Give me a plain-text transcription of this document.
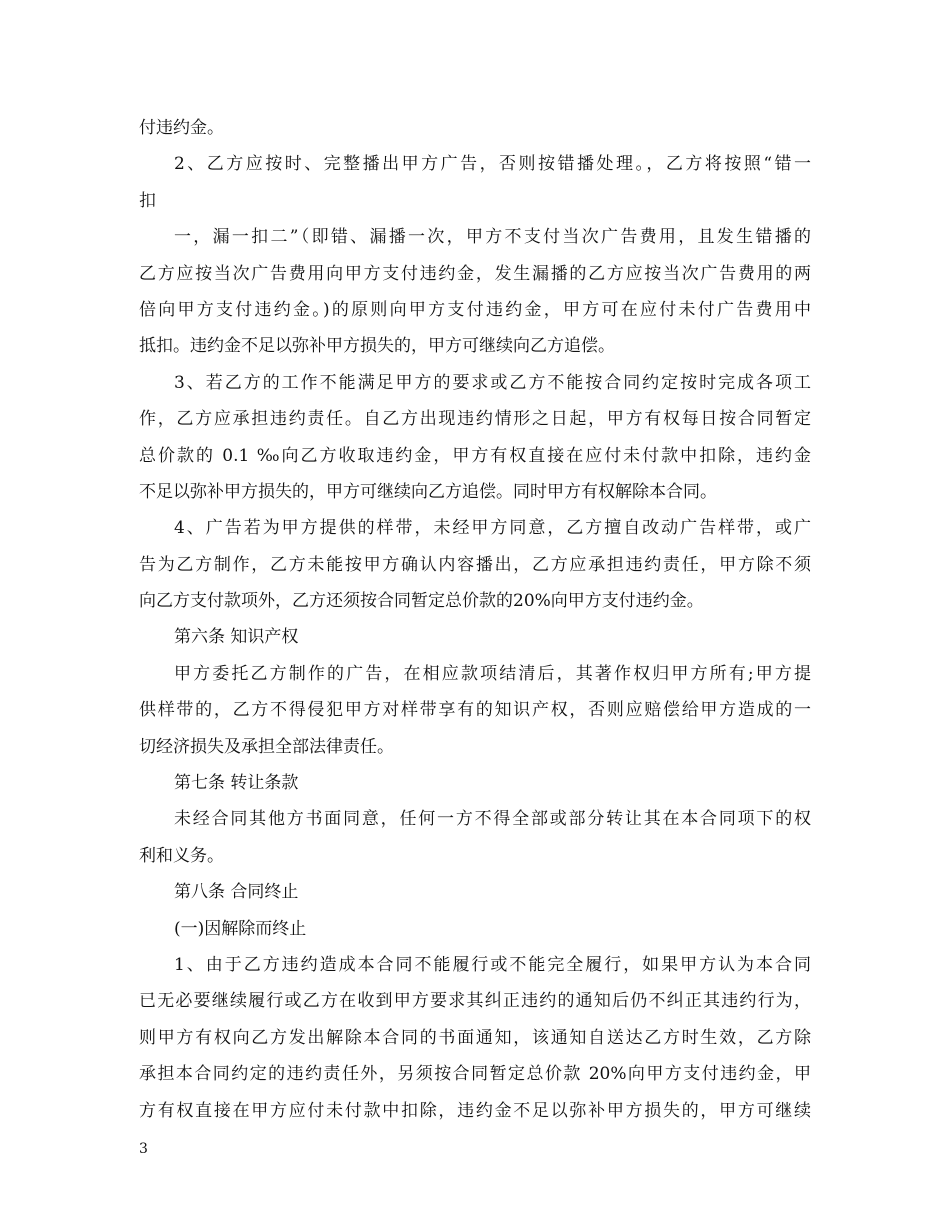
付违约金。
2、乙方应按时、完整播出甲方广告，否则按错播处理。，乙方将按照“错一
扣
一，漏一扣二”（即错、漏播一次，甲方不支付当次广告费用，且发生错播的
乙方应按当次广告费用向甲方支付违约金，发生漏播的乙方应按当次广告费用的两
倍向甲方支付违约金。)的原则向甲方支付违约金，甲方可在应付未付广告费用中
抵扣。违约金不足以弥补甲方损失的，甲方可继续向乙方追偿。
3、若乙方的工作不能满足甲方的要求或乙方不能按合同约定按时完成各项工
作，乙方应承担违约责任。自乙方出现违约情形之日起，甲方有权每日按合同暂定
总价款的 0.1 ‰向乙方收取违约金，甲方有权直接在应付未付款中扣除，违约金
不足以弥补甲方损失的，甲方可继续向乙方追偿。同时甲方有权解除本合同。
4、广告若为甲方提供的样带，未经甲方同意，乙方擅自改动广告样带，或广
告为乙方制作，乙方未能按甲方确认内容播出，乙方应承担违约责任，甲方除不须
向乙方支付款项外，乙方还须按合同暂定总价款的20%向甲方支付违约金。
第六条 知识产权
甲方委托乙方制作的广告，在相应款项结清后，其著作权归甲方所有;甲方提
供样带的，乙方不得侵犯甲方对样带享有的知识产权，否则应赔偿给甲方造成的一
切经济损失及承担全部法律责任。
第七条 转让条款
未经合同其他方书面同意，任何一方不得全部或部分转让其在本合同项下的权
利和义务。
第八条 合同终止
(一)因解除而终止
1、由于乙方违约造成本合同不能履行或不能完全履行，如果甲方认为本合同
已无必要继续履行或乙方在收到甲方要求其纠正违约的通知后仍不纠正其违约行为，
则甲方有权向乙方发出解除本合同的书面通知，该通知自送达乙方时生效，乙方除
承担本合同约定的违约责任外，另须按合同暂定总价款 20%向甲方支付违约金，甲
方有权直接在甲方应付未付款中扣除，违约金不足以弥补甲方损失的，甲方可继续
3
